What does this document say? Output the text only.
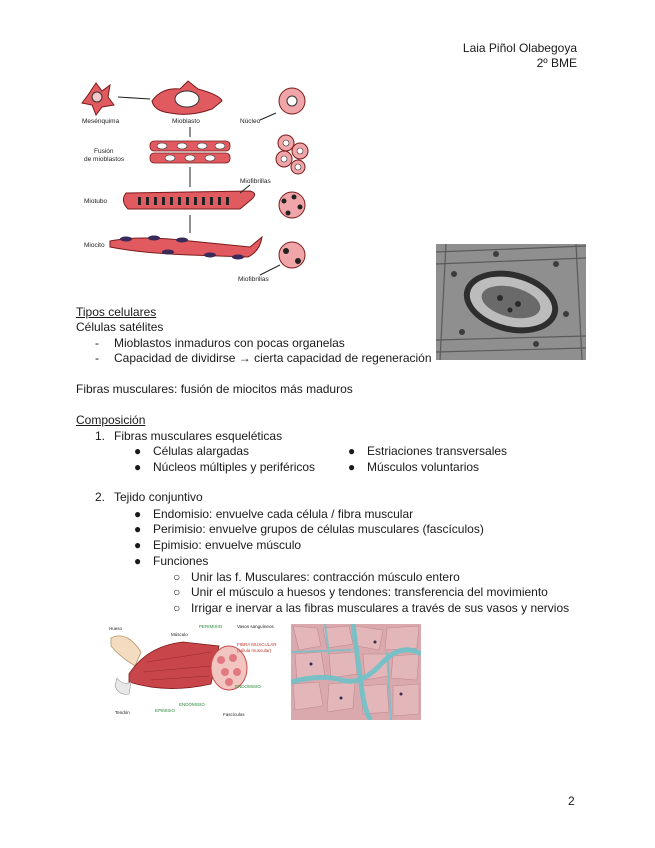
Laia Piñol Olabegoya
2º BME
Mesénquima	Mioblasto	Núcleo
Fusión
de mioblastos
Miotubo
Miofibrillas
Miocito
Miofibrillas
Tipos celulares
Células satélites
- Mioblastos inmaduros con pocas organelas
- Capacidad de dividirse → cierta capacidad de regeneración
Fibras musculares: fusión de miocitos más maduros
Composición
1. Fibras musculares esqueléticas
● Células alargadas
● Núcleos múltiples y periféricos
● Estriaciones transversales
● Músculos voluntarios
2. Tejido conjuntivo
● Endomisio: envuelve cada célula / fibra muscular
● Perimisio: envuelve grupos de células musculares (fascículos)
● Epimisio: envuelve músculo
● Funciones
○ Unir las f. Musculares: contracción músculo entero
○ Unir el músculo a huesos y tendones: transferencia del movimiento
○ Irrigar e inervar a las fibras musculares a través de sus vasos y nervios
Hueso
Músculo
PERIMISIO	Vasos sanguíneos
FIBRA MUSCULAR
(célula muscular)
ENDOMISIO
EPIMISIO
ENDOMISIO
Tendón	Fascículos
2
